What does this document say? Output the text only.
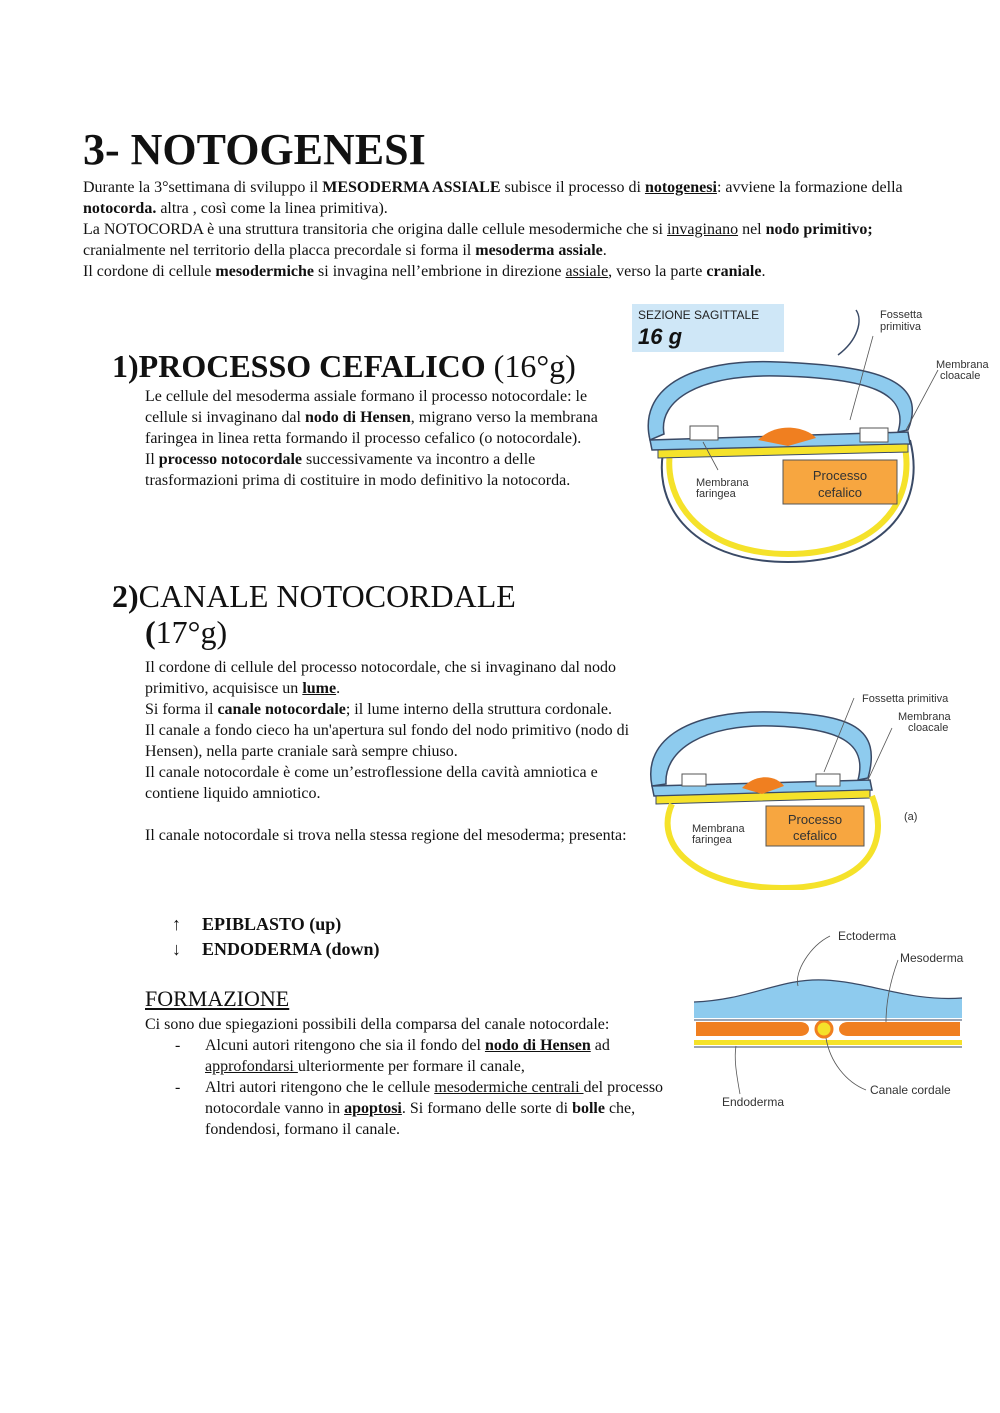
3- NOTOGENESI

Durante la 3°settimana di sviluppo il MESODERMA ASSIALE subisce il processo di notogenesi: avviene la formazione della notocorda. altra , così come la linea primitiva).

La NOTOCORDA è una struttura transitoria che origina dalle cellule mesodermiche che si invaginano nel nodo primitivo; cranialmente nel territorio della placca precordale si forma il mesoderma assiale.

Il cordone di cellule mesodermiche si invagina nell’embrione in direzione assiale, verso la parte craniale.

1)PROCESSO CEFALICO (16°g)

Le cellule del mesoderma assiale formano il processo notocordale: le cellule si invaginano dal nodo di Hensen, migrano verso la membrana faringea in linea retta formando il processo cefalico (o notocordale).

Il processo notocordale successivamente va incontro a delle trasformazioni prima di costituire in modo definitivo la notocorda.

2)CANALE NOTOCORDALE
(17°g)

Il cordone di cellule del processo notocordale, che si invaginano dal nodo primitivo, acquisisce un lume.

Si forma il canale notocordale; il lume interno della struttura cordonale.

Il canale a fondo cieco ha un'apertura sul fondo del nodo primitivo (nodo di Hensen), nella parte craniale sarà sempre chiuso.

Il canale notocordale è come un’estroflessione della cavità amniotica e contiene liquido amniotico.

Il canale notocordale si trova nella stessa regione del mesoderma; presenta:

↑	EPIBLASTO (up)
↓	ENDODERMA (down)
FORMAZIONE

Ci sono due spiegazioni possibili della comparsa del canale notocordale:

- Alcuni autori ritengono che sia il fondo del nodo di Hensen ad approfondarsi ulteriormente per formare il canale,
- Altri autori ritengono che le cellule mesodermiche centrali del processo notocordale vanno in apoptosi. Si formano delle sorte di bolle che, fondendosi, formano il canale.
SEZIONE SAGITTALE
16 g
Fossetta
primitiva
Membrana
cloacale
Membrana
faringea
Processo
cefalico
Fossetta primitiva
Membrana
cloacale
Membrana
faringea
Processo
cefalico
(a)
Ectoderma
Mesoderma
Endoderma
Canale cordale
